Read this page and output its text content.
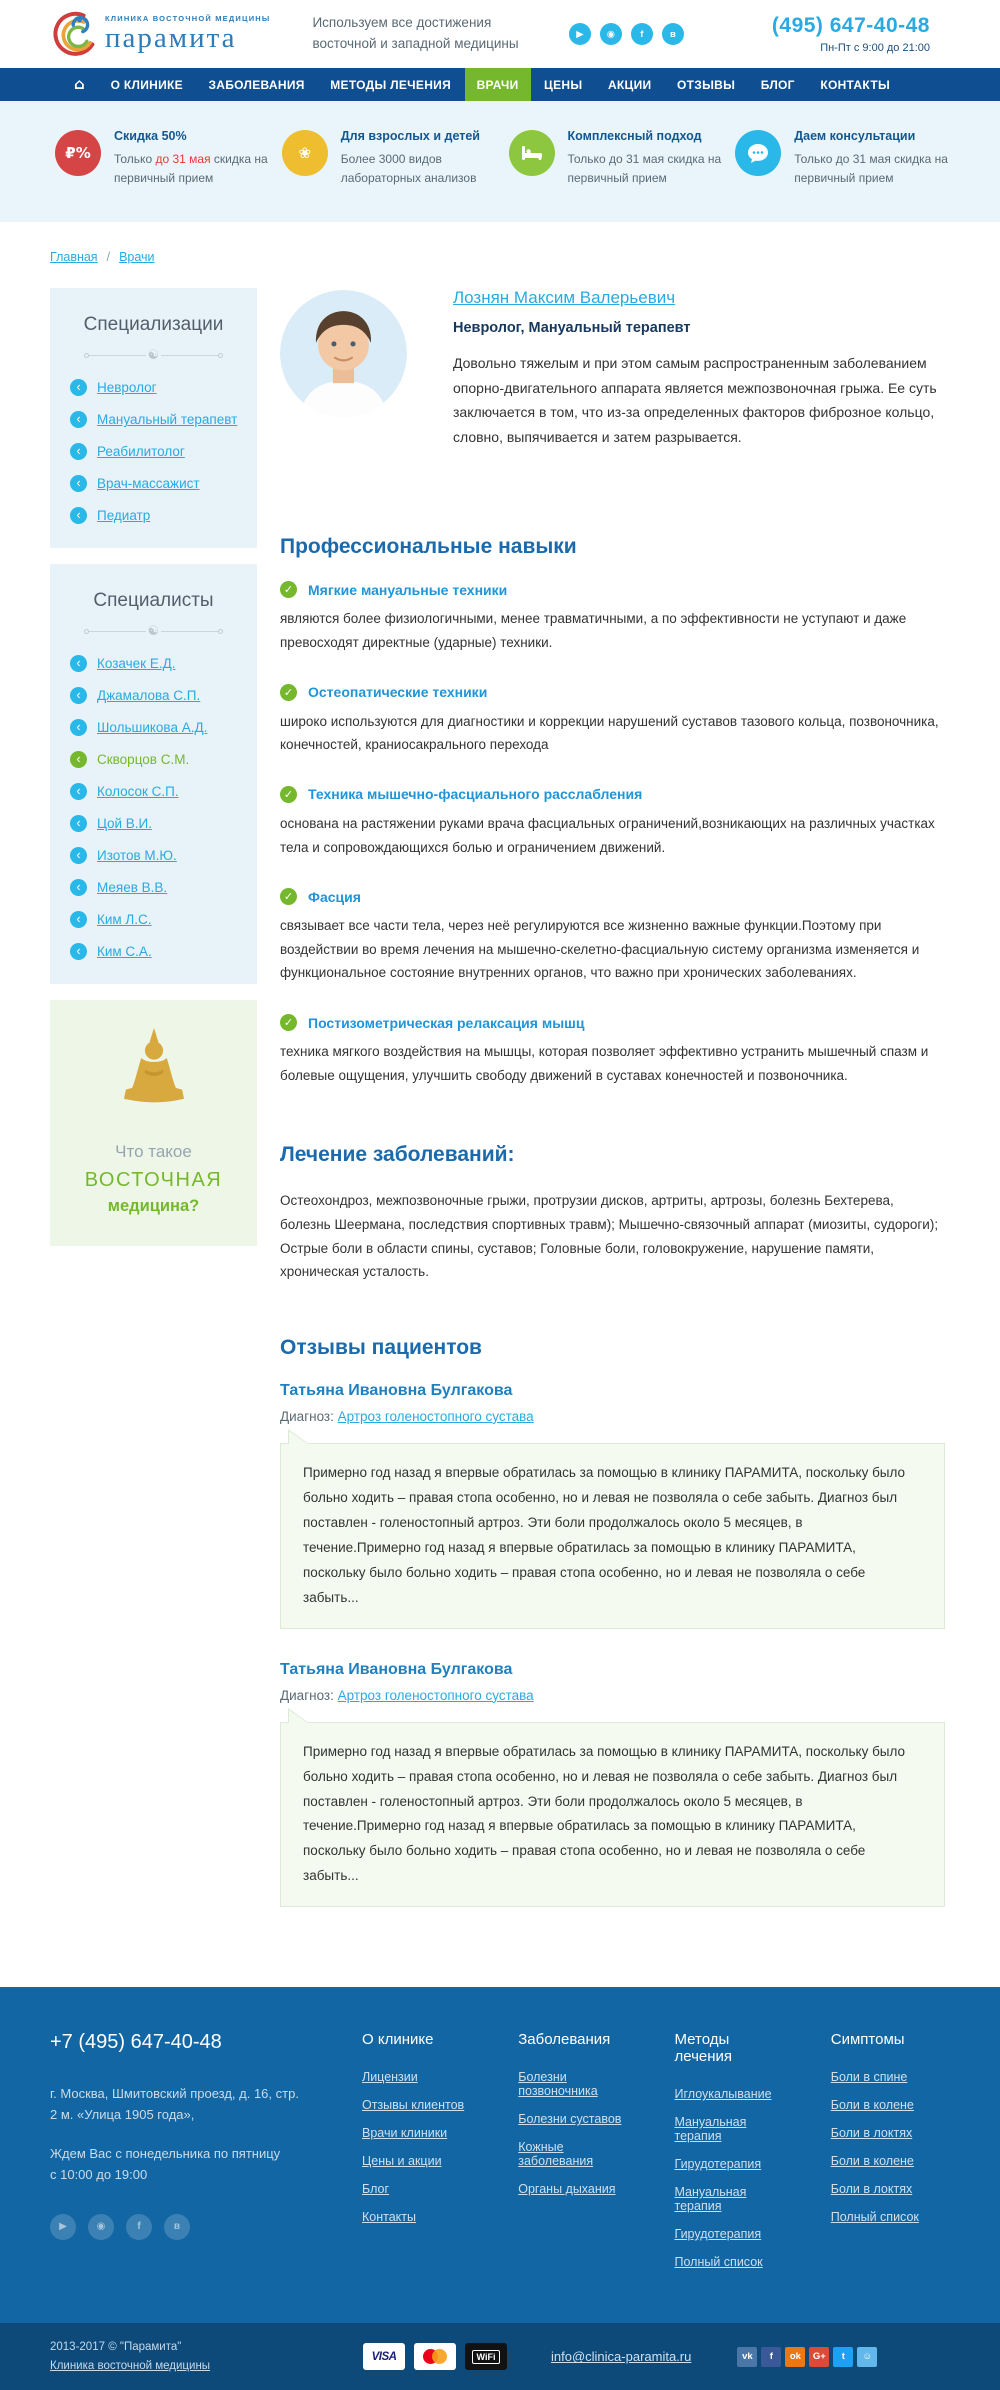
КЛИНИКА ВОСТОЧНОЙ МЕДИЦИНЫ
парамита	Используем все достижения
восточной и западной медицины
▶ ◉	f	в	(495) 647-40-48
Пн-Пт с 9:00 до 21:00
⌂	О КЛИНИКЕ	ЗАБОЛЕВАНИЯ	МЕТОДЫ ЛЕЧЕНИЯ	ВРАЧИ	ЦЕНЫ	АКЦИИ	ОТЗЫВЫ	БЛОГ	КОНТАКТЫ
₽%
Скидка 50%

Только до 31 мая скидка на первичный прием

❀
Для взрослых и детей

Более 3000 видов лабораторных анализов

Комплексный подход

Только до 31 мая скидка на первичный прием

Даем консультации

Только до 31 мая скидка на первичный прием

Главная / Врачи
Специализации
☯
‹	Невролог
‹	Мануальный терапевт
‹	Реабилитолог
‹	Врач-массажист
‹	Педиатр
Специалисты
☯
‹	Козачек Е.Д.
‹	Джамалова С.П.
‹	Шольшикова А.Д.
‹	Скворцов С.М.
‹	Колосок С.П.
‹	Цой В.И.
‹	Изотов М.Ю.
‹	Меяев В.В.
‹	Ким Л.С.
‹	Ким С.А.
Что такое
ВОСТОЧНАЯ
медицина?
Лознян Максим Валерьевич
Невролог, Мануальный терапевт

Довольно тяжелым и при этом самым распространенным заболеванием опорно-двигательного аппарата является межпозвоночная грыжа. Ее суть заключается в том, что из-за определенных факторов фиброзное кольцо, словно, выпячивается и затем разрывается.

Профессиональные навыки
✓ Мягкие мануальные техники

являются более физиологичными, менее травматичными, а по эффективности не уступают и даже превосходят директные (ударные) техники.

✓ Остеопатические техники

широко используются для диагностики и коррекции нарушений суставов тазового кольца, позвоночника, конечностей, краниосакрального перехода

✓ Техника мышечно-фасциального расслабления

основана на растяжении руками врача фасциальных ограничений,возникающих на различных участках тела и сопровождающихся болью и ограничением движений.

✓ Фасция

связывает все части тела, через неё регулируются все жизненно важные функции.Поэтому при воздействии во время лечения на мышечно-скелетно-фасциальную систему организма изменяется и функциональное состояние внутренних органов, что важно при хронических заболеваниях.

✓ Постизометрическая релаксация мышц

техника мягкого воздействия на мышцы, которая позволяет эффективно устранить мышечный спазм и болевые ощущения, улучшить свободу движений в суставах конечностей и позвоночника.

Лечение заболеваний:

Остеохондроз, межпозвоночные грыжи, протрузии дисков, артриты, артрозы, болезнь Бехтерева, болезнь Шеермана, последствия спортивных травм); Мышечно-связочный аппарат (миозиты, судороги); Острые боли в области спины, суставов; Головные боли, головокружение, нарушение памяти, хроническая усталость.

Отзывы пациентов
Татьяна Ивановна Булгакова
Диагноз: Артроз голеностопного сустава

Примерно год назад я впервые обратилась за помощью в клинику ПАРАМИТА, поскольку было больно ходить – правая стопа особенно, но и левая не позволяла о себе забыть. Диагноз был поставлен - голеностопный артроз. Эти боли продолжалось около 5 месяцев, в течение.Примерно год назад я впервые обратилась за помощью в клинику ПАРАМИТА, поскольку было больно ходить – правая стопа особенно, но и левая не позволяла о себе забыть...

Татьяна Ивановна Булгакова
Диагноз: Артроз голеностопного сустава

Примерно год назад я впервые обратилась за помощью в клинику ПАРАМИТА, поскольку было больно ходить – правая стопа особенно, но и левая не позволяла о себе забыть. Диагноз был поставлен - голеностопный артроз. Эти боли продолжалось около 5 месяцев, в течение.Примерно год назад я впервые обратилась за помощью в клинику ПАРАМИТА, поскольку было больно ходить – правая стопа особенно, но и левая не позволяла о себе забыть...

+7 (495) 647-40-48
г. Москва, Шмитовский проезд, д. 16, стр.
2 м. «Улица 1905 года»,
Ждем Вас с понедельника по пятницу
с 10:00 до 19:00
▶	◉	f	в
О клинике
Лицензии
Отзывы клиентов
Врачи клиники
Цены и акции
Блог
Контакты
Заболевания
Болезни позвоночника
Болезни суставов
Кожные заболевания
Органы дыхания
Методы лечения
Иглоукалывание
Мануальная терапия
Гирудотерапия
Мануальная терапия
Гирудотерапия
Полный список
Симптомы
Боли в спине
Боли в колене
Боли в локтях
Боли в колене
Боли в локтях
Полный список
2013-2017 © "Парамита"
Клиника восточной медицины
VISA	WiFi	info@clinica-paramita.ru	vk f ok G+ t ☺
